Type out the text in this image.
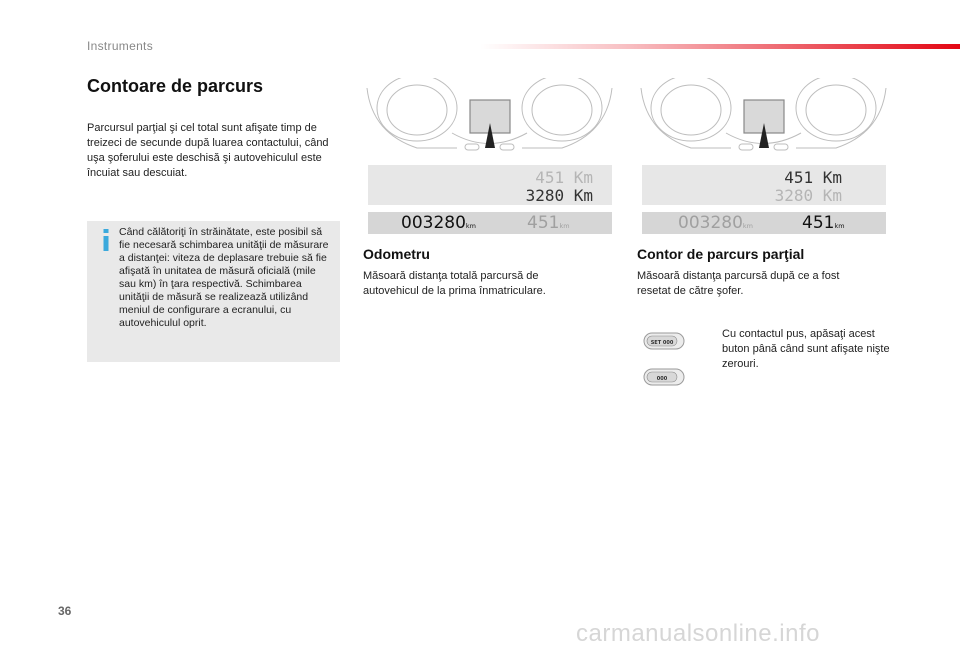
Instruments
Contoare de parcurs
Parcursul parţial şi cel total sunt afişate timp de treizeci de secunde după luarea contactului, când uşa şoferului este deschisă şi autovehiculul este încuiat sau descuiat.
Când călătoriţi în străinătate, este posibil să fie necesară schimbarea unităţii de măsurare a distanţei: viteza de deplasare trebuie să fie afişată în unitatea de măsură oficială (mile sau km) în ţara respectivă. Schimbarea unităţii de măsură se realizează utilizând meniul de configurare a ecranului, cu autovehiculul oprit.
451 Km
3280 Km
003280km	451km
451 Km
3280 Km
003280km	451km
Odometru
Măsoară distanţa totală parcursă de autovehicul de la prima înmatriculare.
Contor de parcurs parţial
Măsoară distanţa parcursă după ce a fost resetat de către şofer.
SET 000
000
Cu contactul pus, apăsaţi acest buton până când sunt afişate nişte zerouri.
36
carmanualsonline.info
